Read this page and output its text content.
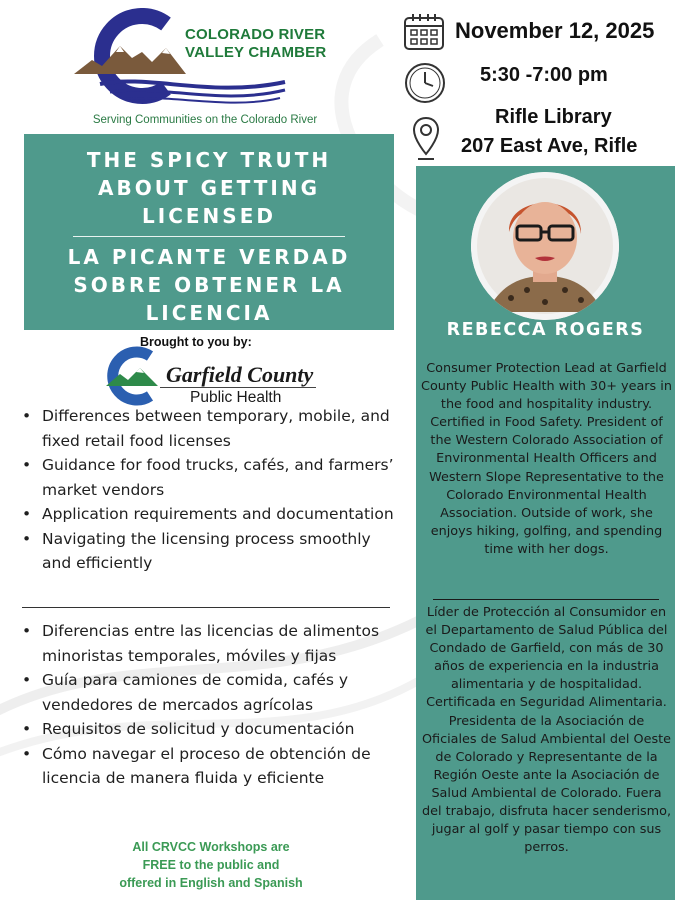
COLORADO RIVER
VALLEY CHAMBER
Serving Communities on the Colorado River
THE SPICY TRUTH
ABOUT GETTING
LICENSED
LA PICANTE VERDAD
SOBRE OBTENER LA
LICENCIA
Brought to you by:
Garfield County
Public Health
• Differences between temporary, mobile, and fixed retail food licenses
• Guidance for food trucks, cafés, and farmers’ market vendors
• Application requirements and documentation
• Navigating the licensing process smoothly and efficiently
• Diferencias entre las licencias de alimentos minoristas temporales, móviles y fijas
• Guía para camiones de comida, cafés y vendedores de mercados agrícolas
• Requisitos de solicitud y documentación
• Cómo navegar el proceso de obtención de licencia de manera fluida y eficiente
All CRVCC Workshops are
FREE to the public and
offered in English and Spanish
November 12, 2025
5:30 -7:00 pm
Rifle Library
207 East Ave, Rifle
REBECCA ROGERS
Consumer Protection Lead at Garfield County Public Health with 30+ years in the food and hospitality industry. Certified in Food Safety. President of the Western Colorado Association of Environmental Health Officers and Western Slope Representative to the Colorado Environmental Health Association. Outside of work, she enjoys hiking, golfing, and spending time with her dogs.
Líder de Protección al Consumidor en el Departamento de Salud Pública del Condado de Garfield, con más de 30 años de experiencia en la industria alimentaria y de hospitalidad. Certificada en Seguridad Alimentaria. Presidenta de la Asociación de Oficiales de Salud Ambiental del Oeste de Colorado y Representante de la Región Oeste ante la Asociación de Salud Ambiental de Colorado. Fuera del trabajo, disfruta hacer senderismo, jugar al golf y pasar tiempo con sus perros.
